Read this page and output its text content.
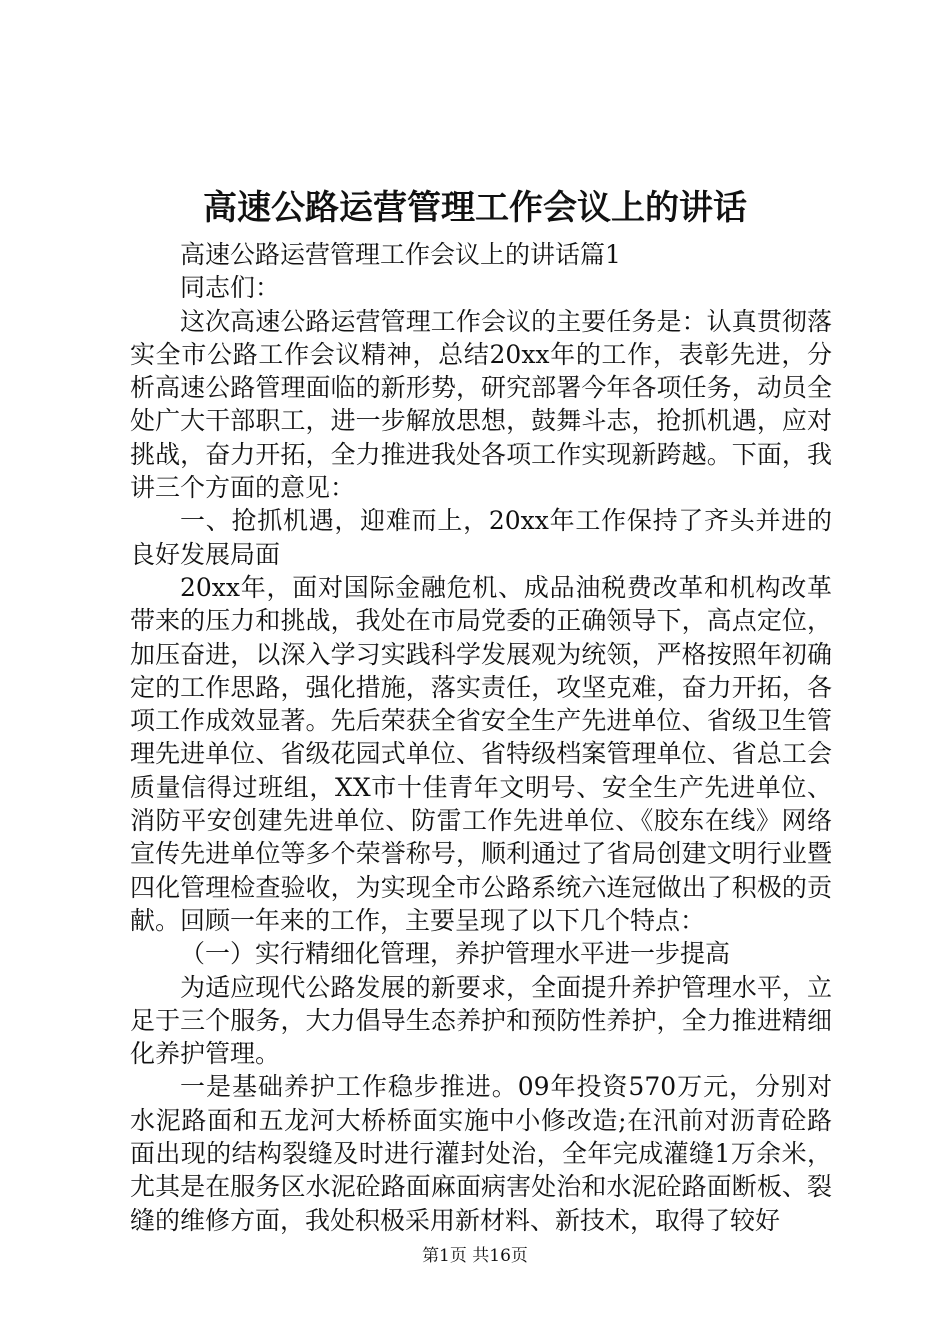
高速公路运营管理工作会议上的讲话

高速公路运营管理工作会议上的讲话篇1

同志们：

这次高速公路运营管理工作会议的主要任务是：认真贯彻落实全市公路工作会议精神，总结20xx年的工作，表彰先进，分析高速公路管理面临的新形势，研究部署今年各项任务，动员全处广大干部职工，进一步解放思想，鼓舞斗志，抢抓机遇，应对挑战，奋力开拓，全力推进我处各项工作实现新跨越。下面，我讲三个方面的意见：

一、抢抓机遇，迎难而上，20xx年工作保持了齐头并进的良好发展局面

20xx年，面对国际金融危机、成品油税费改革和机构改革带来的压力和挑战，我处在市局党委的正确领导下，高点定位，加压奋进，以深入学习实践科学发展观为统领，严格按照年初确定的工作思路，强化措施，落实责任，攻坚克难，奋力开拓，各项工作成效显著。先后荣获全省安全生产先进单位、省级卫生管理先进单位、省级花园式单位、省特级档案管理单位、省总工会质量信得过班组，XX市十佳青年文明号、安全生产先进单位、消防平安创建先进单位、防雷工作先进单位、《胶东在线》网络宣传先进单位等多个荣誉称号，顺利通过了省局创建文明行业暨四化管理检查验收，为实现全市公路系统六连冠做出了积极的贡献。回顾一年来的工作，主要呈现了以下几个特点：

（一）实行精细化管理，养护管理水平进一步提高

为适应现代公路发展的新要求，全面提升养护管理水平，立足于三个服务，大力倡导生态养护和预防性养护，全力推进精细化养护管理。

一是基础养护工作稳步推进。09年投资570万元，分别对水泥路面和五龙河大桥桥面实施中小修改造;在汛前对沥青砼路面出现的结构裂缝及时进行灌封处治，全年完成灌缝1万余米，尤其是在服务区水泥砼路面麻面病害处治和水泥砼路面断板、裂缝的维修方面，我处积极采用新材料、新技术，取得了较好

第1页 共16页
